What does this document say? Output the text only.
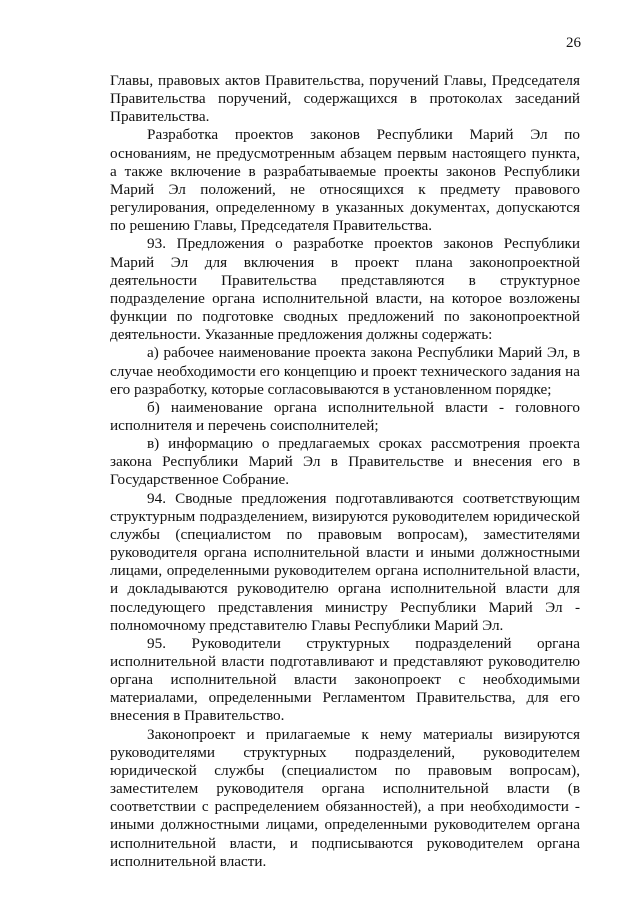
26

Главы, правовых актов Правительства, поручений Главы, Председателя Правительства поручений, содержащихся в протоколах заседаний Правительства.

Разработка проектов законов Республики Марий Эл по основаниям, не предусмотренным абзацем первым настоящего пункта, а также включение в разрабатываемые проекты законов Республики Марий Эл положений, не относящихся к предмету правового регулирования, определенному в указанных документах, допускаются по решению Главы, Председателя Правительства.

93. Предложения о разработке проектов законов Республики Марий Эл для включения в проект плана законопроектной деятельности Правительства представляются в структурное подразделение органа исполнительной власти, на которое возложены функции по подготовке сводных предложений по законопроектной деятельности. Указанные предложения должны содержать:

а) рабочее наименование проекта закона Республики Марий Эл, в случае необходимости его концепцию и проект технического задания на его разработку, которые согласовываются в установленном порядке;

б) наименование органа исполнительной власти - головного исполнителя и перечень соисполнителей;

в) информацию о предлагаемых сроках рассмотрения проекта закона Республики Марий Эл в Правительстве и внесения его в Государственное Собрание.

94. Сводные предложения подготавливаются соответствующим структурным подразделением, визируются руководителем юридической службы (специалистом по правовым вопросам), заместителями руководителя органа исполнительной власти и иными должностными лицами, определенными руководителем органа исполнительной власти, и докладываются руководителю органа исполнительной власти для последующего представления министру Республики Марий Эл - полномочному представителю Главы Республики Марий Эл.

95. Руководители структурных подразделений органа исполнительной власти подготавливают и представляют руководителю органа исполнительной власти законопроект с необходимыми материалами, определенными Регламентом Правительства, для его внесения в Правительство.

Законопроект и прилагаемые к нему материалы визируются руководителями структурных подразделений, руководителем юридической службы (специалистом по правовым вопросам), заместителем руководителя органа исполнительной власти (в соответствии с распределением обязанностей), а при необходимости - иными должностными лицами, определенными руководителем органа исполнительной власти, и подписываются руководителем органа исполнительной власти.
